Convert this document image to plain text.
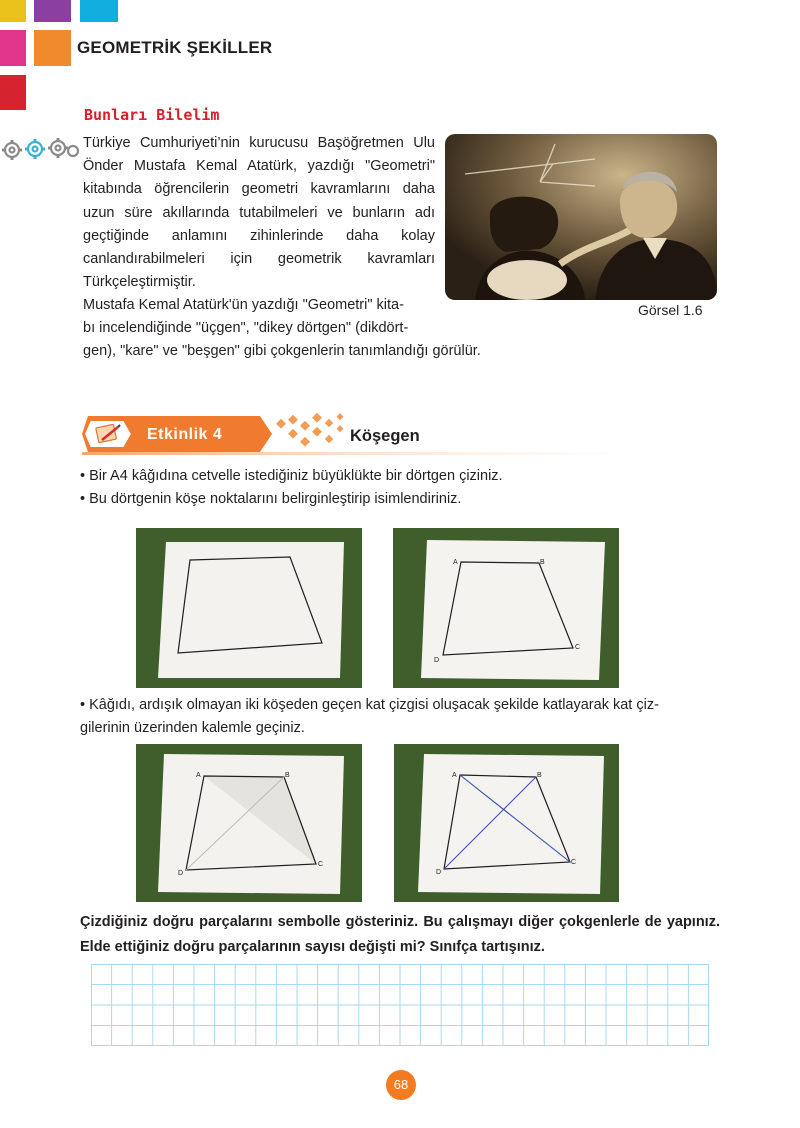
GEOMETRİK ŞEKİLLER
Bunları Bilelim
Türkiye Cumhuriyeti’nin kurucusu Başöğretmen Ulu Önder Mustafa Kemal Atatürk, yazdığı "Geometri" kitabında öğrencilerin geometri kavramlarını daha uzun süre akıllarında tutabilmeleri ve bunların adı geçtiğinde anlamını zihinlerinde daha kolay canlandırabilmeleri için geometrik kavramları Türkçeleştirmiştir.
Mustafa Kemal Atatürk'ün yazdığı "Geometri" kita-
bı incelendiğinde "üçgen", "dikey dörtgen" (dikdört-
gen), "kare" ve "beşgen" gibi çokgenlerin tanımlandığı görülür.
Görsel 1.6
Etkinlik 4	Köşegen
• Bir A4 kâğıdına cetvelle istediğiniz büyüklükte bir dörtgen çiziniz.
• Bu dörtgenin köşe noktalarını belirginleştirip isimlendiriniz.
A	B
C
D
• Kâğıdı, ardışık olmayan iki köşeden geçen kat çizgisi oluşacak şekilde katlayarak kat çiz-
gilerinin üzerinden kalemle geçiniz.
A	B
C
D
A	B
C
D
Çizdiğiniz doğru parçalarını sembolle gösteriniz. Bu çalışmayı diğer çokgenlerle de yapınız. Elde ettiğiniz doğru parçalarının sayısı değişti mi? Sınıfça tartışınız.
68
